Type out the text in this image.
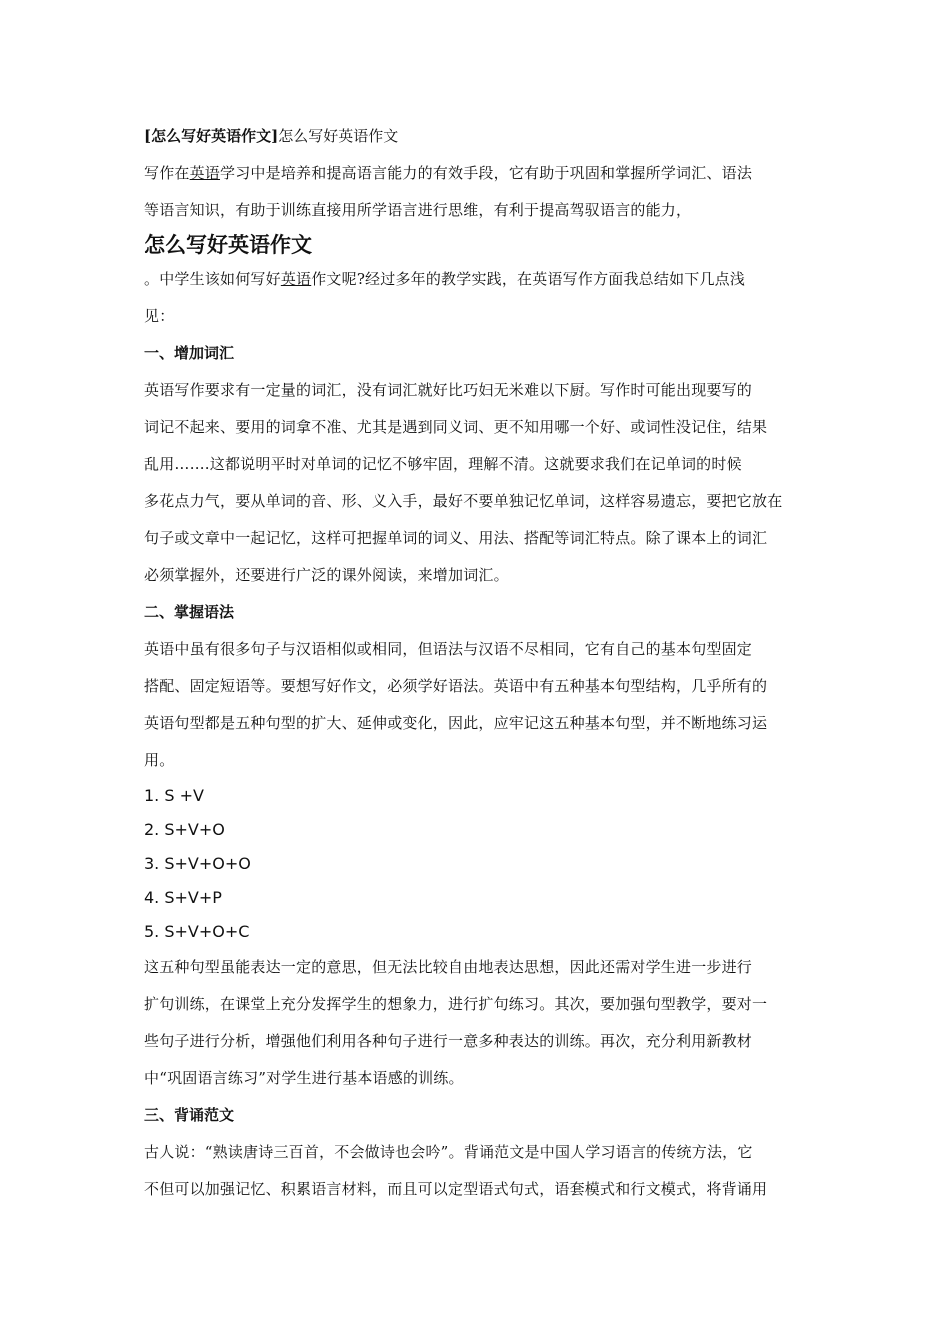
[怎么写好英语作文]怎么写好英语作文
写作在英语学习中是培养和提高语言能力的有效手段，它有助于巩固和掌握所学词汇、语法
等语言知识，有助于训练直接用所学语言进行思维，有利于提高驾驭语言的能力，
怎么写好英语作文
。中学生该如何写好英语作文呢?经过多年的教学实践，在英语写作方面我总结如下几点浅
见：
一、增加词汇
英语写作要求有一定量的词汇，没有词汇就好比巧妇无米难以下厨。写作时可能出现要写的
词记不起来、要用的词拿不准、尤其是遇到同义词、更不知用哪一个好、或词性没记住，结果
乱用…….这都说明平时对单词的记忆不够牢固，理解不清。这就要求我们在记单词的时候
多花点力气，要从单词的音、形、义入手，最好不要单独记忆单词，这样容易遗忘，要把它放在
句子或文章中一起记忆，这样可把握单词的词义、用法、搭配等词汇特点。除了课本上的词汇
必须掌握外，还要进行广泛的课外阅读，来增加词汇。
二、掌握语法
英语中虽有很多句子与汉语相似或相同，但语法与汉语不尽相同，它有自己的基本句型固定
搭配、固定短语等。要想写好作文，必须学好语法。英语中有五种基本句型结构，几乎所有的
英语句型都是五种句型的扩大、延伸或变化，因此，应牢记这五种基本句型，并不断地练习运
用。
1. S +V
2. S+V+O
3. S+V+O+O
4. S+V+P
5. S+V+O+C
这五种句型虽能表达一定的意思，但无法比较自由地表达思想，因此还需对学生进一步进行
扩句训练，在课堂上充分发挥学生的想象力，进行扩句练习。其次，要加强句型教学，要对一
些句子进行分析，增强他们利用各种句子进行一意多种表达的训练。再次，充分利用新教材
中“巩固语言练习”对学生进行基本语感的训练。
三、背诵范文
古人说：“熟读唐诗三百首，不会做诗也会吟”。背诵范文是中国人学习语言的传统方法，它
不但可以加强记忆、积累语言材料，而且可以定型语式句式，语套模式和行文模式，将背诵用
